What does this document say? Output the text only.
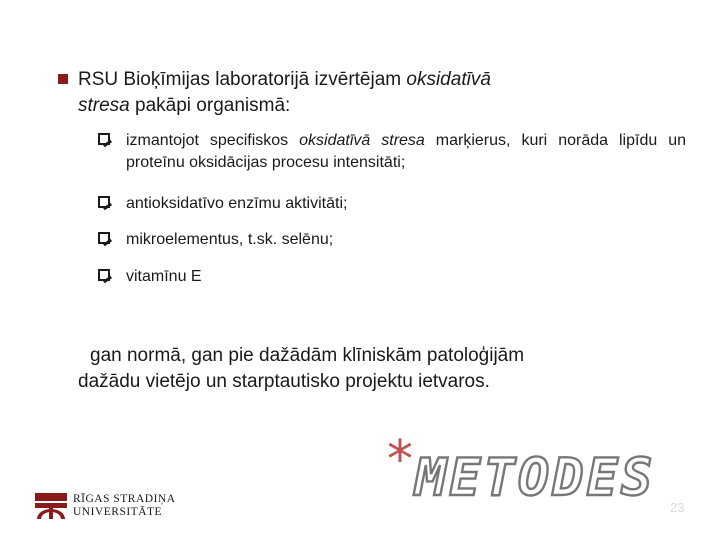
RSU Bioķīmijas laboratorijā izvērtējam oksidatīvā
stresa pakāpi organismā:
izmantojot specifiskos oksidatīvā stresa marķierus, kuri norāda lipīdu un proteīnu oksidācijas procesu intensitāti;
antioksidatīvo enzīmu aktivitāti;
mikroelementus, t.sk. selēnu;
vitamīnu E
gan normā, gan pie dažādām klīniskām patoloģijām
dažādu vietējo un starptautisko projektu ietvaros.
RĪGAS STRADIŅA
UNIVERSITĀTE
* METODES 23
